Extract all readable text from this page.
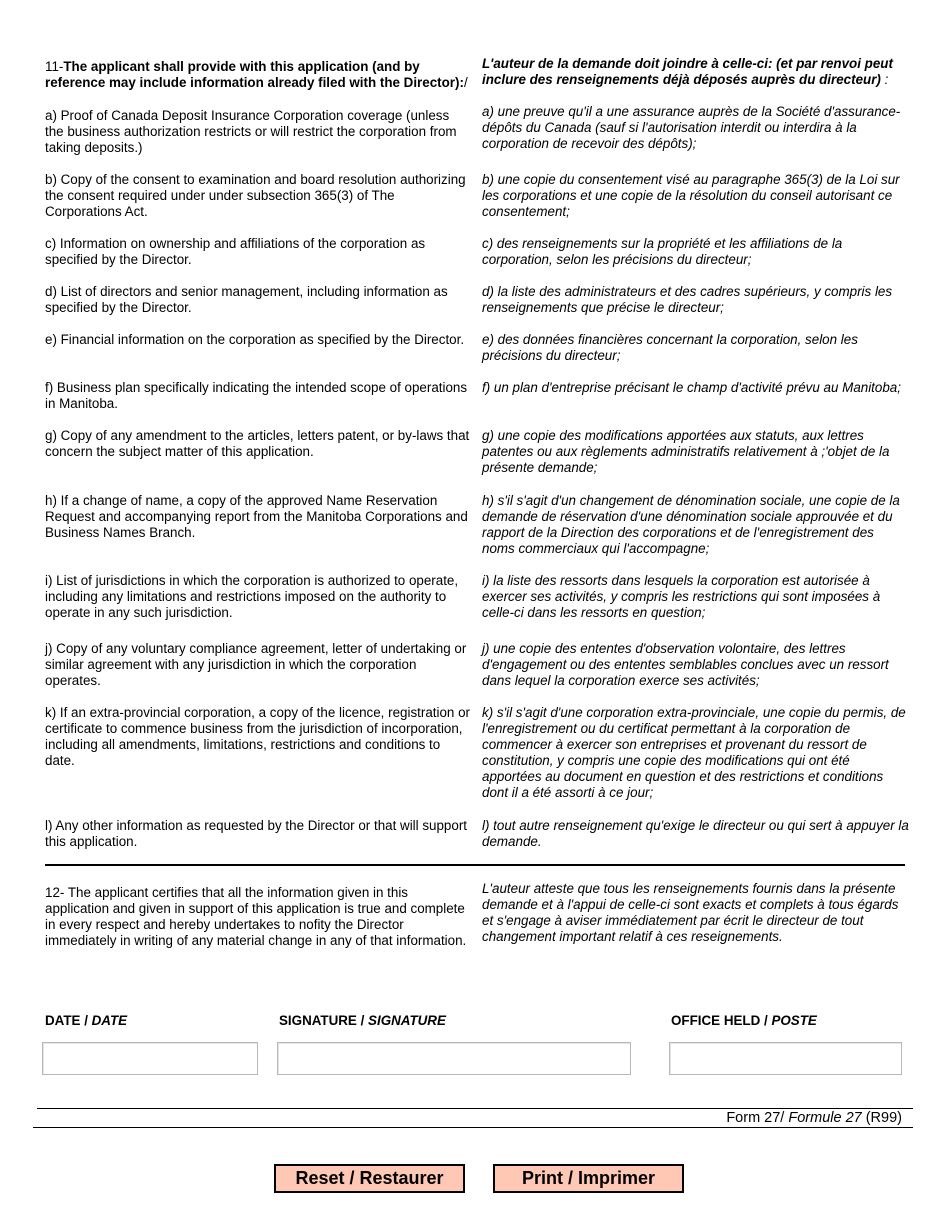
11-The applicant shall provide with this application (and by reference may include information already filed with the Director):/

L'auteur de la demande doit joindre à celle-ci: (et par renvoi peut inclure des renseignements déjà déposés auprès du directeur) :

a) Proof of Canada Deposit Insurance Corporation coverage (unless the business authorization restricts or will restrict the corporation from taking deposits.)

a) une preuve qu'il a une assurance auprès de la Société d'assurance-dépôts du Canada (sauf si l'autorisation interdit ou interdira à la corporation de recevoir des dépôts);

b) Copy of the consent to examination and board resolution authorizing the consent required under under subsection 365(3) of The Corporations Act.

b) une copie du consentement visé au paragraphe 365(3) de la Loi sur les corporations et une copie de la résolution du conseil autorisant ce consentement;

c) Information on ownership and affiliations of the corporation as specified by the Director.

c) des renseignements sur la propriété et les affiliations de la corporation, selon les précisions du directeur;

d) List of directors and senior management, including information as specified by the Director.

d) la liste des administrateurs et des cadres supérieurs, y compris les renseignements que précise le directeur;

e) Financial information on the corporation as specified by the Director.	e) des données financières concernant la corporation, selon les précisions du directeur;

f) Business plan specifically indicating the intended scope of operations in Manitoba.

f) un plan d'entreprise précisant le champ d'activité prévu au Manitoba;

g) Copy of any amendment to the articles, letters patent, or by-laws that concern the subject matter of this application.

g) une copie des modifications apportées aux statuts, aux lettres patentes ou aux règlements administratifs relativement à ;'objet de la présente demande;

h) If a change of name, a copy of the approved Name Reservation Request and accompanying report from the Manitoba Corporations and Business Names Branch.

h) s'il s'agit d'un changement de dénomination sociale, une copie de la demande de réservation d'une dénomination sociale approuvée et du rapport de la Direction des corporations et de l'enregistrement des noms commerciaux qui l'accompagne;

i) List of jurisdictions in which the corporation is authorized to operate, including any limitations and restrictions imposed on the authority to operate in any such jurisdiction.

i) la liste des ressorts dans lesquels la corporation est autorisée à exercer ses activités, y compris les restrictions qui sont imposées à celle-ci dans les ressorts en question;

j) Copy of any voluntary compliance agreement, letter of undertaking or similar agreement with any jurisdiction in which the corporation operates.

j) une copie des ententes d'observation volontaire, des lettres d'engagement ou des ententes semblables conclues avec un ressort dans lequel la corporation exerce ses activités;

k) If an extra-provincial corporation, a copy of the licence, registration or certificate to commence business from the jurisdiction of incorporation, including all amendments, limitations, restrictions and conditions to date.

k) s'il s'agit d'une corporation extra-provinciale, une copie du permis, de l'enregistrement ou du certificat permettant à la corporation de commencer à exercer son entreprises et provenant du ressort de constitution, y compris une copie des modifications qui ont été apportées au document en question et des restrictions et conditions dont il a été assorti à ce jour;

l) Any other information as requested by the Director or that will support this application.

l) tout autre renseignement qu'exige le directeur ou qui sert à appuyer la demande.

12- The applicant certifies that all the information given in this application and given in support of this application is true and complete in every respect and hereby undertakes to nofity the Director immediately in writing of any material change in any of that information.

L'auteur atteste que tous les renseignements fournis dans la présente demande et à l'appui de celle-ci sont exacts et complets à tous égards et s'engage à aviser immédiatement par écrit le directeur de tout changement important relatif à ces reseignements.

DATE / DATE	SIGNATURE / SIGNATURE	OFFICE HELD / POSTE
Form 27/ Formule 27 (R99)
Reset / Restaurer	Print / Imprimer
